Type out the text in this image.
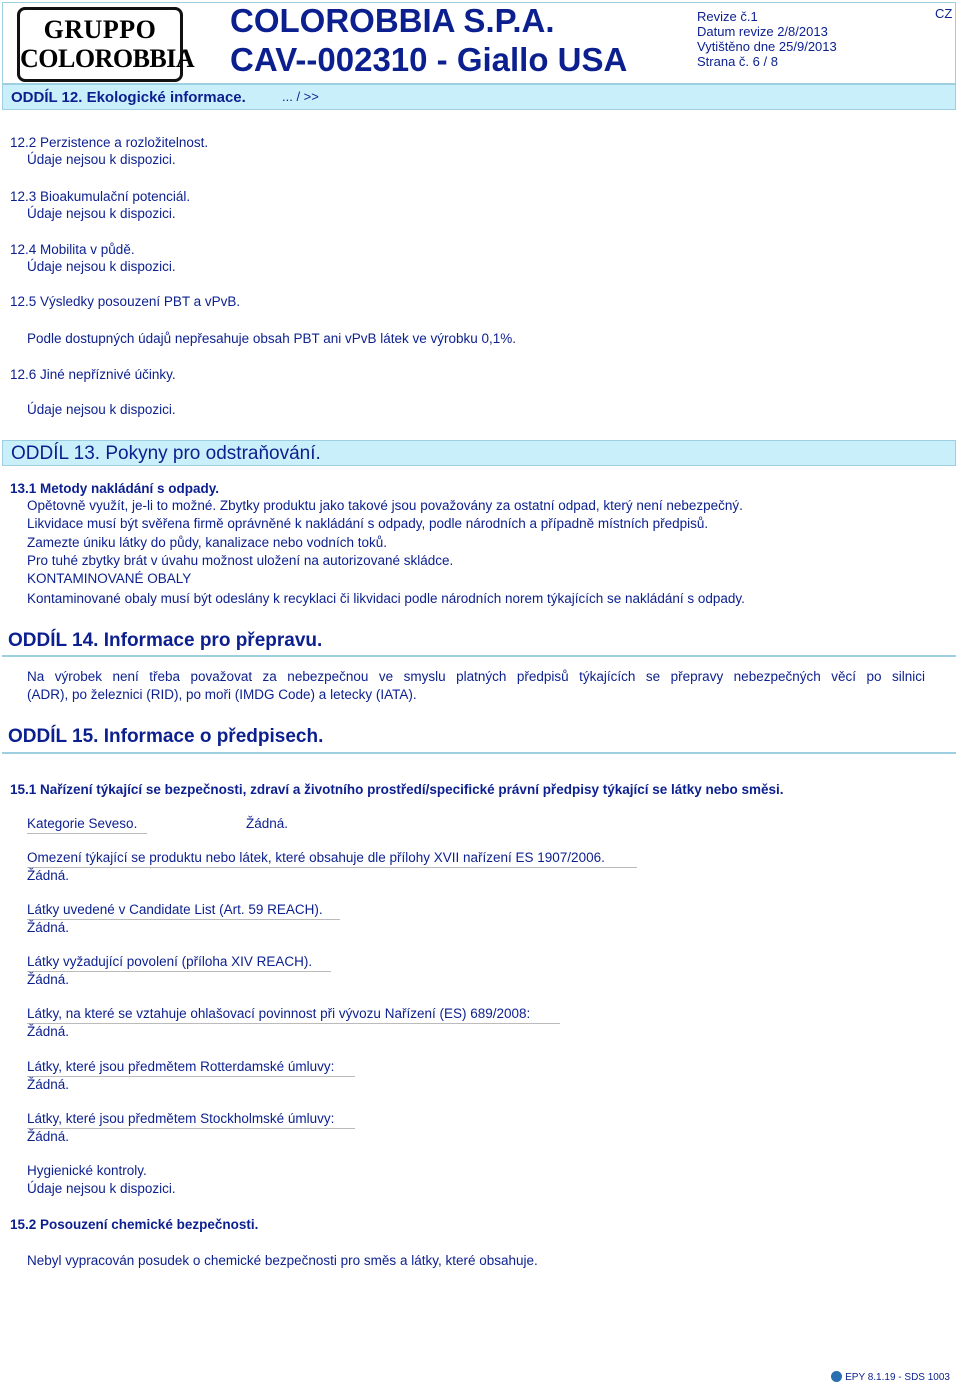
GRUPPO
COLOROBBIA
COLOROBBIA S.P.A.
CAV--002310 - Giallo USA
Revize č.1
Datum revize 2/8/2013
Vytištěno dne 25/9/2013
Strana č. 6 / 8
CZ
ODDÍL 12. Ekologické informace.	... / >>
12.2 Perzistence a rozložitelnost.
Údaje nejsou k dispozici.
12.3 Bioakumulační potenciál.
Údaje nejsou k dispozici.
12.4 Mobilita v půdě.
Údaje nejsou k dispozici.
12.5 Výsledky posouzení PBT a vPvB.
Podle dostupných údajů nepřesahuje obsah PBT ani vPvB látek ve výrobku 0,1%.
12.6 Jiné nepříznivé účinky.
Údaje nejsou k dispozici.
ODDÍL 13. Pokyny pro odstraňování.
13.1 Metody nakládání s odpady.
Opětovně využít, je-li to možné. Zbytky produktu jako takové jsou považovány za ostatní odpad, který není nebezpečný.
Likvidace musí být svěřena firmě oprávněné k nakládání s odpady, podle národních a případně místních předpisů.
Zamezte úniku látky do půdy, kanalizace nebo vodních toků.
Pro tuhé zbytky brát v úvahu možnost uložení na autorizované skládce.
KONTAMINOVANÉ OBALY
Kontaminované obaly musí být odeslány k recyklaci či likvidaci podle národních norem týkajících se nakládání s odpady.
ODDÍL 14. Informace pro přepravu.
Na výrobek není třeba považovat za nebezpečnou ve smyslu platných předpisů týkajících se přepravy nebezpečných věcí po silnici
(ADR), po železnici (RID), po moři (IMDG Code) a letecky (IATA).
ODDÍL 15. Informace o předpisech.
15.1 Nařízení týkající se bezpečnosti, zdraví a životního prostředí/specifické právní předpisy týkající se látky nebo směsi.
Kategorie Seveso.	Žádná.
Omezení týkající se produktu nebo látek, které obsahuje dle přílohy XVII nařízení ES 1907/2006.
Žádná.
Látky uvedené v Candidate List (Art. 59 REACH).
Žádná.
Látky vyžadující povolení (příloha XIV REACH).
Žádná.
Látky, na které se vztahuje ohlašovací povinnost při vývozu Nařízení (ES) 689/2008:
Žádná.
Látky, které jsou předmětem Rotterdamské úmluvy:
Žádná.
Látky, které jsou předmětem Stockholmské úmluvy:
Žádná.
Hygienické kontroly.
Údaje nejsou k dispozici.
15.2 Posouzení chemické bezpečnosti.
Nebyl vypracován posudek o chemické bezpečnosti pro směs a látky, které obsahuje.
EPY 8.1.19 - SDS 1003
